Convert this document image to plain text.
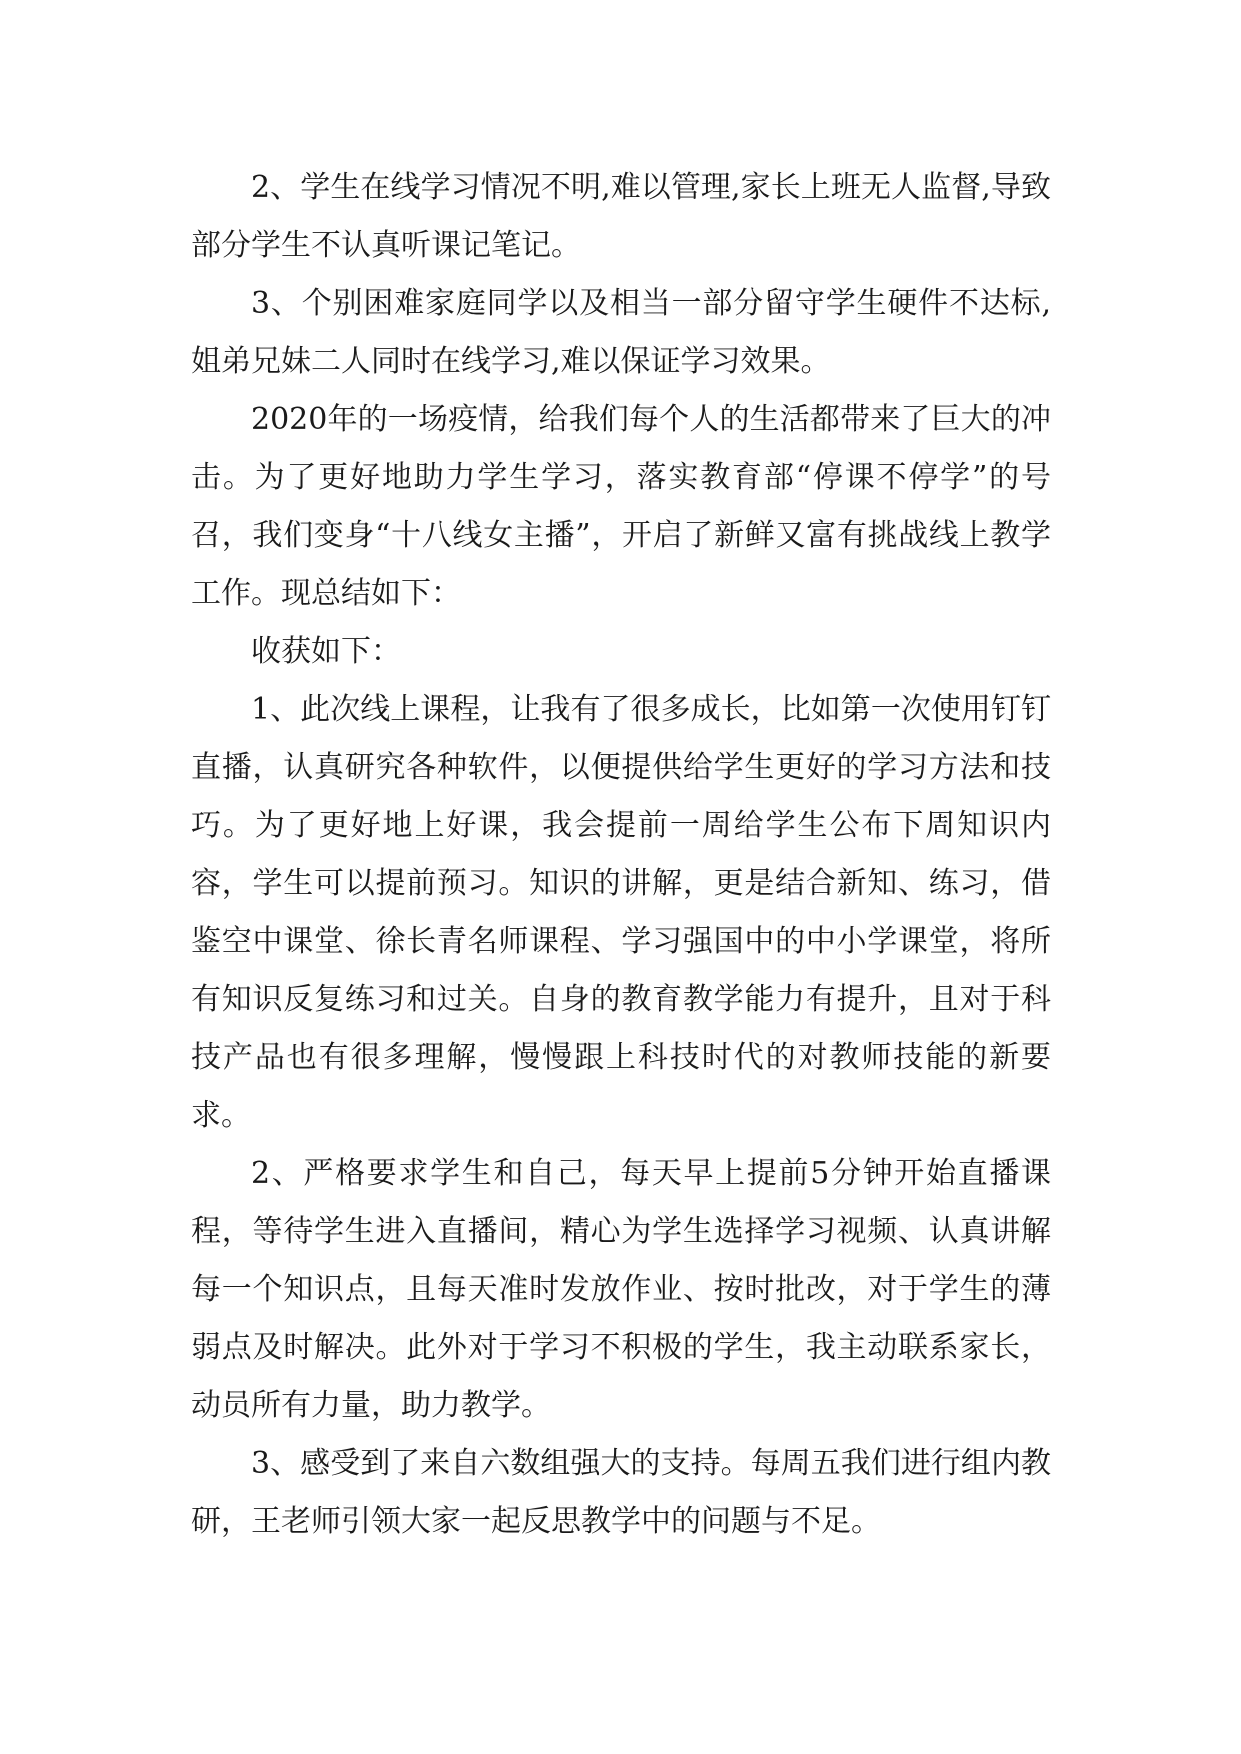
2、学生在线学习情况不明,难以管理,家长上班无人监督,导致部分学生不认真听课记笔记。

3、个别困难家庭同学以及相当一部分留守学生硬件不达标,姐弟兄妹二人同时在线学习,难以保证学习效果。

2020年的一场疫情，给我们每个人的生活都带来了巨大的冲击。为了更好地助力学生学习，落实教育部“停课不停学”的号召，我们变身“十八线女主播”，开启了新鲜又富有挑战线上教学工作。现总结如下：

收获如下：

1、此次线上课程，让我有了很多成长，比如第一次使用钉钉直播，认真研究各种软件，以便提供给学生更好的学习方法和技巧。为了更好地上好课，我会提前一周给学生公布下周知识内容，学生可以提前预习。知识的讲解，更是结合新知、练习，借鉴空中课堂、徐长青名师课程、学习强国中的中小学课堂，将所有知识反复练习和过关。自身的教育教学能力有提升，且对于科技产品也有很多理解，慢慢跟上科技时代的对教师技能的新要求。

2、严格要求学生和自己，每天早上提前5分钟开始直播课程，等待学生进入直播间，精心为学生选择学习视频、认真讲解每一个知识点，且每天准时发放作业、按时批改，对于学生的薄弱点及时解决。此外对于学习不积极的学生，我主动联系家长，动员所有力量，助力教学。

3、感受到了来自六数组强大的支持。每周五我们进行组内教研，王老师引领大家一起反思教学中的问题与不足。
